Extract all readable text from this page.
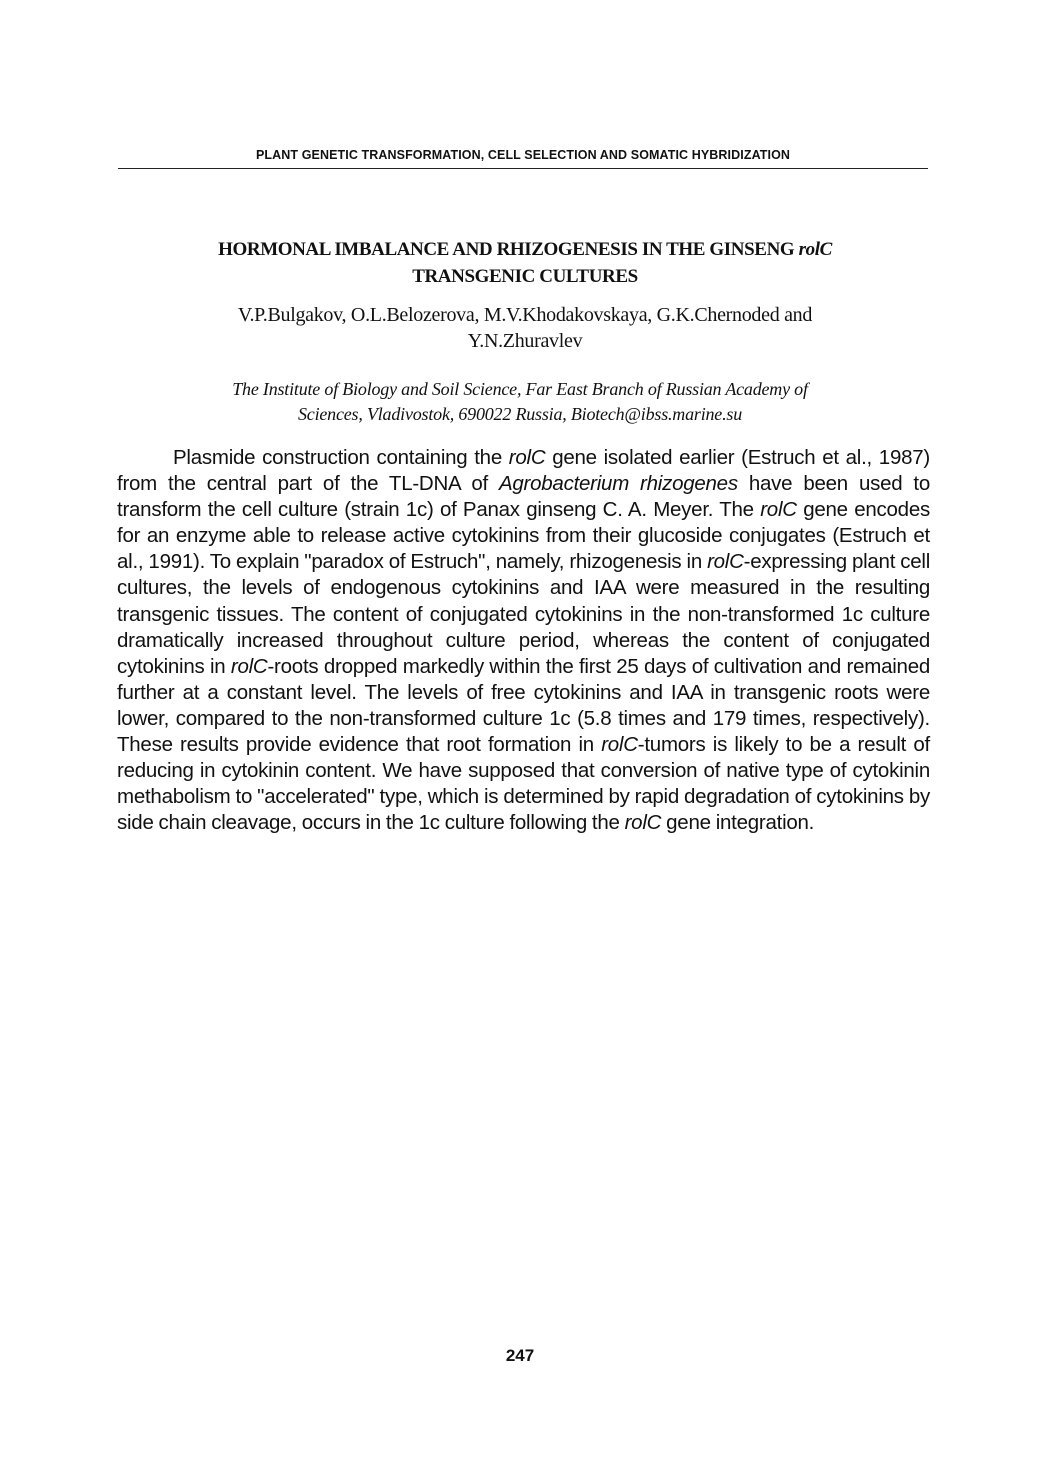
PLANT GENETIC TRANSFORMATION, CELL SELECTION AND SOMATIC HYBRIDIZATION
HORMONAL IMBALANCE AND RHIZOGENESIS IN THE GINSENG rolC
TRANSGENIC CULTURES
V.P.Bulgakov, O.L.Belozerova, M.V.Khodakovskaya, G.K.Chernoded and
Y.N.Zhuravlev
The Institute of Biology and Soil Science, Far East Branch of Russian Academy of
Sciences, Vladivostok, 690022 Russia, Biotech@ibss.marine.su

Plasmide construction containing the rolC gene isolated earlier (Estruch et al., 1987) from the central part of the TL-DNA of Agrobacterium rhizogenes have been used to transform the cell culture (strain 1c) of Panax ginseng C. A. Meyer. The rolC gene encodes for an enzyme able to release active cytokinins from their glucoside conjugates (Estruch et al., 1991). To explain "paradox of Estruch", namely, rhizogenesis in rolC-expressing plant cell cultures, the levels of endogenous cytokinins and IAA were measured in the resulting transgenic tissues. The content of conjugated cytokinins in the non-transformed 1c culture dramatically increased throughout culture period, whereas the content of conjugated cytokinins in rolC-roots dropped markedly within the first 25 days of cultivation and remained further at a constant level. The levels of free cytokinins and IAA in transgenic roots were lower, compared to the non-transformed culture 1c (5.8 times and 179 times, respectively). These results provide evidence that root formation in rolC-tumors is likely to be a result of reducing in cytokinin content. We have supposed that conversion of native type of cytokinin methabolism to "accelerated" type, which is determined by rapid degradation of cytokinins by side chain cleavage, occurs in the 1c culture following the rolC gene integration.

247
